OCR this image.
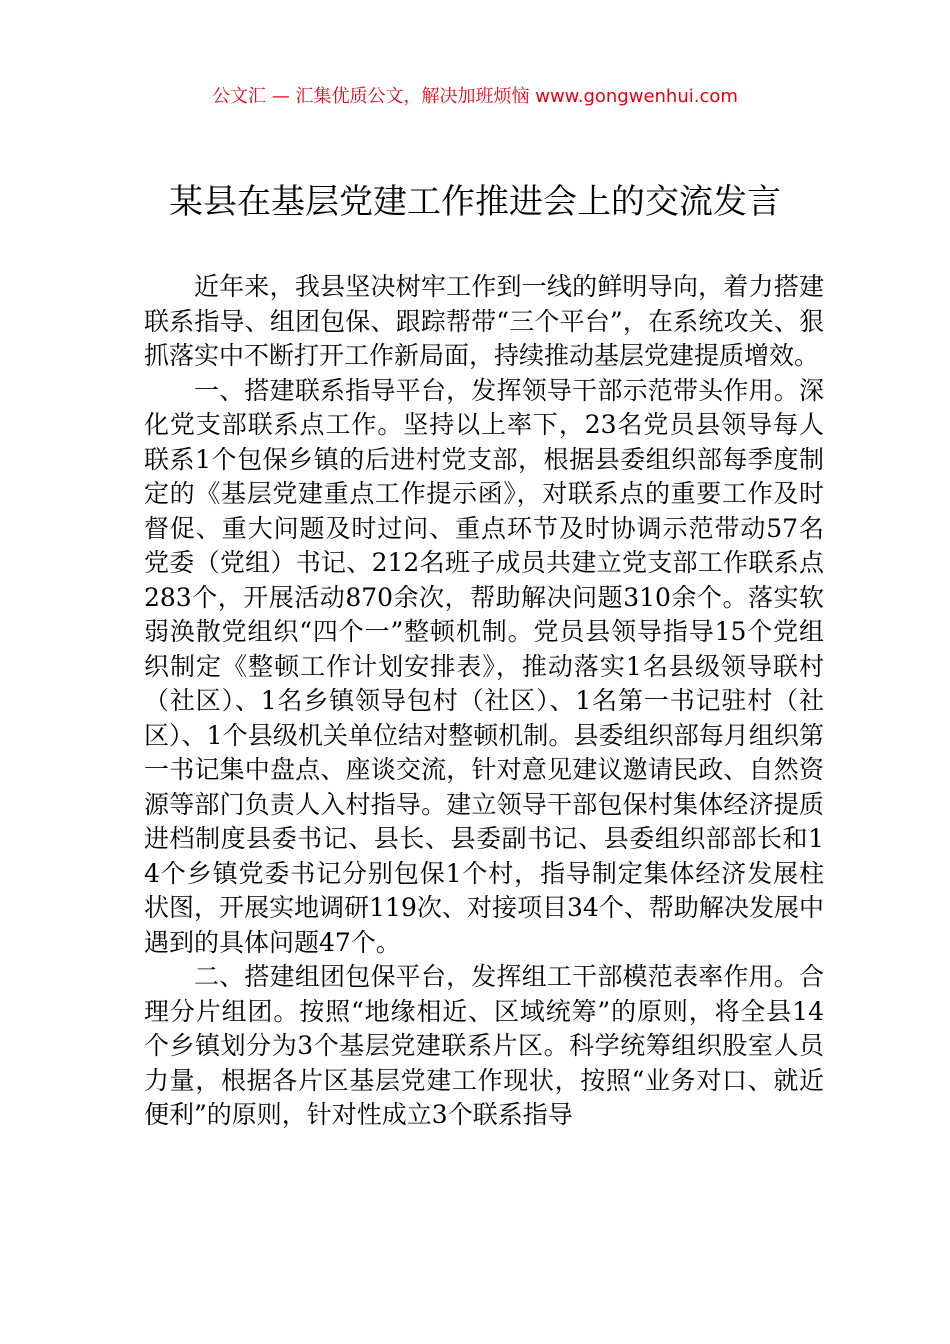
公文汇 — 汇集优质公文，解决加班烦恼 www.gongwenhui.com
某县在基层党建工作推进会上的交流发言

近年来，我县坚决树牢工作到一线的鲜明导向，着力搭建联系指导、组团包保、跟踪帮带“三个平台”，在系统攻关、狠抓落实中不断打开工作新局面，持续推动基层党建提质增效。

一、搭建联系指导平台，发挥领导干部示范带头作用。深化党支部联系点工作。坚持以上率下，23名党员县领导每人联系1个包保乡镇的后进村党支部，根据县委组织部每季度制定的《基层党建重点工作提示函》，对联系点的重要工作及时督促、重大问题及时过问、重点环节及时协调示范带动57名党委（党组）书记、212名班子成员共建立党支部工作联系点283个，开展活动870余次，帮助解决问题310余个。落实软弱涣散党组织“四个一”整顿机制。党员县领导指导15个党组织制定《整顿工作计划安排表》，推动落实1名县级领导联村（社区）、1名乡镇领导包村（社区）、1名第一书记驻村（社区）、1个县级机关单位结对整顿机制。县委组织部每月组织第一书记集中盘点、座谈交流，针对意见建议邀请民政、自然资源等部门负责人入村指导。建立领导干部包保村集体经济提质进档制度县委书记、县长、县委副书记、县委组织部部长和14个乡镇党委书记分别包保1个村，指导制定集体经济发展柱状图，开展实地调研119次、对接项目34个、帮助解决发展中遇到的具体问题47个。

二、搭建组团包保平台，发挥组工干部模范表率作用。合理分片组团。按照“地缘相近、区域统筹”的原则，将全县14个乡镇划分为3个基层党建联系片区。科学统筹组织股室人员力量，根据各片区基层党建工作现状，按照“业务对口、就近便利”的原则，针对性成立3个联系指导
